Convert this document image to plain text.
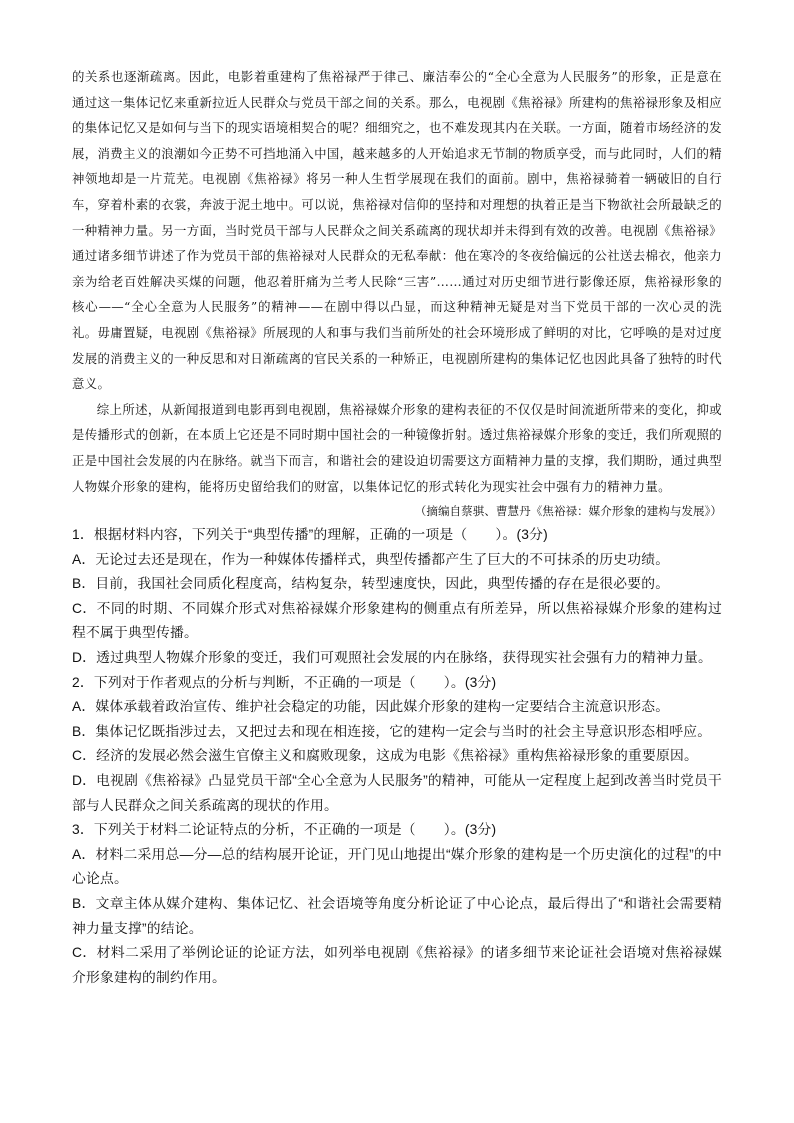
的关系也逐渐疏离。因此，电影着重建构了焦裕禄严于律己、廉洁奉公的“全心全意为人民服务”的形象，正是意在通过这一集体记忆来重新拉近人民群众与党员干部之间的关系。那么，电视剧《焦裕禄》所建构的焦裕禄形象及相应的集体记忆又是如何与当下的现实语境相契合的呢？细细究之，也不难发现其内在关联。一方面，随着市场经济的发展，消费主义的浪潮如今正势不可挡地涌入中国，越来越多的人开始追求无节制的物质享受，而与此同时，人们的精神领地却是一片荒芜。电视剧《焦裕禄》将另一种人生哲学展现在我们的面前。剧中，焦裕禄骑着一辆破旧的自行车，穿着朴素的衣裳，奔波于泥土地中。可以说，焦裕禄对信仰的坚持和对理想的执着正是当下物欲社会所最缺乏的一种精神力量。另一方面，当时党员干部与人民群众之间关系疏离的现状却并未得到有效的改善。电视剧《焦裕禄》通过诸多细节讲述了作为党员干部的焦裕禄对人民群众的无私奉献：他在寒冷的冬夜给偏远的公社送去棉衣，他亲力亲为给老百姓解决买煤的问题，他忍着肝痛为兰考人民除“三害”……通过对历史细节进行影像还原，焦裕禄形象的核心——“全心全意为人民服务”的精神——在剧中得以凸显，而这种精神无疑是对当下党员干部的一次心灵的洗礼。毋庸置疑，电视剧《焦裕禄》所展现的人和事与我们当前所处的社会环境形成了鲜明的对比，它呼唤的是对过度发展的消费主义的一种反思和对日渐疏离的官民关系的一种矫正，电视剧所建构的集体记忆也因此具备了独特的时代意义。

综上所述，从新闻报道到电影再到电视剧，焦裕禄媒介形象的建构表征的不仅仅是时间流逝所带来的变化，抑或是传播形式的创新，在本质上它还是不同时期中国社会的一种镜像折射。透过焦裕禄媒介形象的变迁，我们所观照的正是中国社会发展的内在脉络。就当下而言，和谐社会的建设迫切需要这方面精神力量的支撑，我们期盼，通过典型人物媒介形象的建构，能将历史留给我们的财富，以集体记忆的形式转化为现实社会中强有力的精神力量。

（摘编自蔡骐、曹慧丹《焦裕禄：媒介形象的建构与发展》）

1．根据材料内容，下列关于“典型传播”的理解，正确的一项是（　　）。(3分)

A．无论过去还是现在，作为一种媒体传播样式，典型传播都产生了巨大的不可抹杀的历史功绩。

B．目前，我国社会同质化程度高，结构复杂，转型速度快，因此，典型传播的存在是很必要的。

C．不同的时期、不同媒介形式对焦裕禄媒介形象建构的侧重点有所差异，所以焦裕禄媒介形象的建构过程不属于典型传播。

D．透过典型人物媒介形象的变迁，我们可观照社会发展的内在脉络，获得现实社会强有力的精神力量。

2．下列对于作者观点的分析与判断，不正确的一项是（　　）。(3分)

A．媒体承载着政治宣传、维护社会稳定的功能，因此媒介形象的建构一定要结合主流意识形态。

B．集体记忆既指涉过去，又把过去和现在相连接，它的建构一定会与当时的社会主导意识形态相呼应。

C．经济的发展必然会滋生官僚主义和腐败现象，这成为电影《焦裕禄》重构焦裕禄形象的重要原因。

D．电视剧《焦裕禄》凸显党员干部“全心全意为人民服务”的精神，可能从一定程度上起到改善当时党员干部与人民群众之间关系疏离的现状的作用。

3．下列关于材料二论证特点的分析，不正确的一项是（　　）。(3分)

A．材料二采用总—分—总的结构展开论证，开门见山地提出“媒介形象的建构是一个历史演化的过程”的中心论点。

B．文章主体从媒介建构、集体记忆、社会语境等角度分析论证了中心论点，最后得出了“和谐社会需要精神力量支撑”的结论。

C．材料二采用了举例论证的论证方法，如列举电视剧《焦裕禄》的诸多细节来论证社会语境对焦裕禄媒介形象建构的制约作用。
